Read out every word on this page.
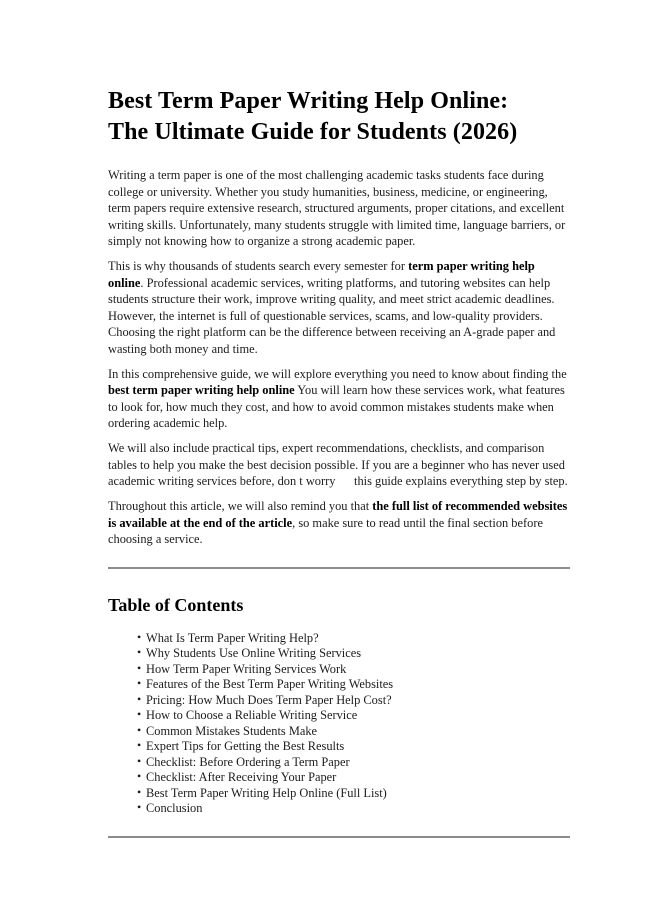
Best Term Paper Writing Help Online:
The Ultimate Guide for Students (2026)

Writing a term paper is one of the most challenging academic tasks students face during college or university. Whether you study humanities, business, medicine, or engineering, term papers require extensive research, structured arguments, proper citations, and excellent writing skills. Unfortunately, many students struggle with limited time, language barriers, or simply not knowing how to organize a strong academic paper.

This is why thousands of students search every semester for term paper writing help online. Professional academic services, writing platforms, and tutoring websites can help students structure their work, improve writing quality, and meet strict academic deadlines. However, the internet is full of questionable services, scams, and low-quality providers. Choosing the right platform can be the difference between receiving an A-grade paper and wasting both money and time.

In this comprehensive guide, we will explore everything you need to know about finding the best term paper writing help online You will learn how these services work, what features to look for, how much they cost, and how to avoid common mistakes students make when ordering academic help.

We will also include practical tips, expert recommendations, checklists, and comparison tables to help you make the best decision possible. If you are a beginner who has never used academic writing services before, don t worry      this guide explains everything step by step.

Throughout this article, we will also remind you that the full list of recommended websites is available at the end of the article, so make sure to read until the final section before choosing a service.

Table of Contents
• What Is Term Paper Writing Help?
• Why Students Use Online Writing Services
• How Term Paper Writing Services Work
• Features of the Best Term Paper Writing Websites
• Pricing: How Much Does Term Paper Help Cost?
• How to Choose a Reliable Writing Service
• Common Mistakes Students Make
• Expert Tips for Getting the Best Results
• Checklist: Before Ordering a Term Paper
• Checklist: After Receiving Your Paper
• Best Term Paper Writing Help Online (Full List)
• Conclusion
